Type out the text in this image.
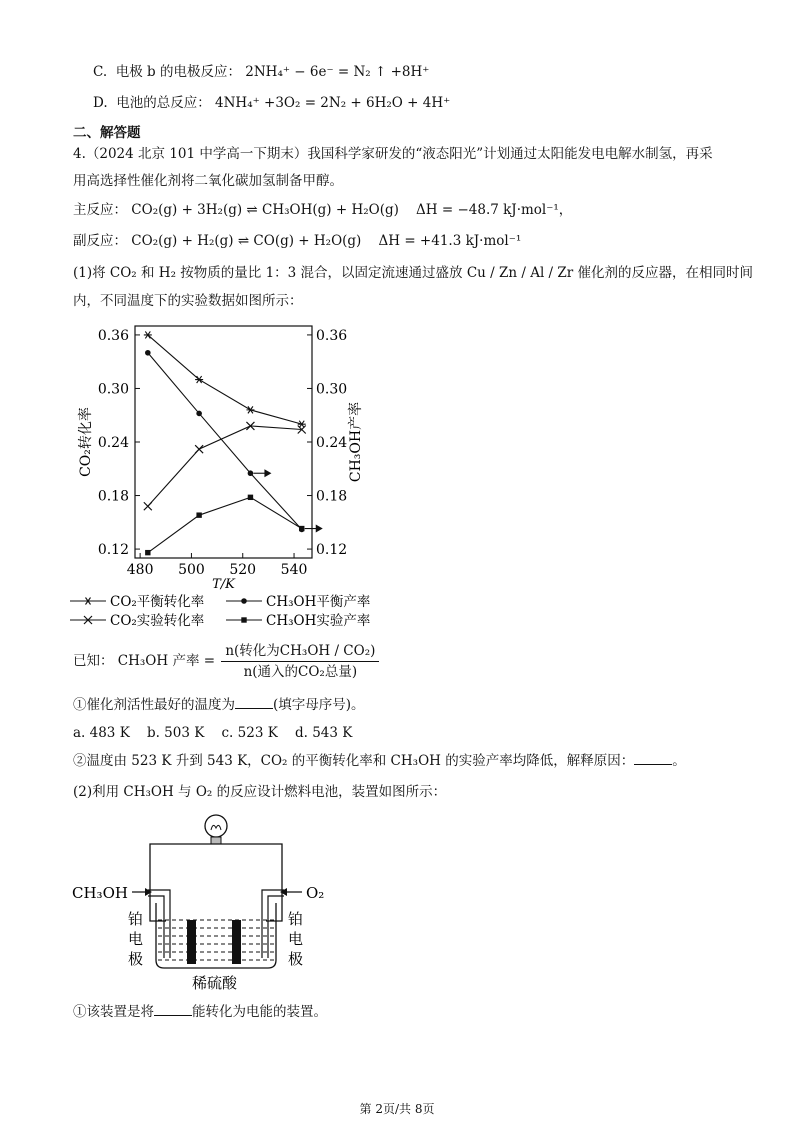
C. 电极 b 的电极反应： 2NH₄⁺ − 6e⁻ = N₂ ↑ +8H⁺
D. 电池的总反应： 4NH₄⁺ +3O₂ = 2N₂ + 6H₂O + 4H⁺
二、解答题
4.（2024 北京 101 中学高一下期末）我国科学家研发的“液态阳光”计划通过太阳能发电电解水制氢，再采
用高选择性催化剂将二氧化碳加氢制备甲醇。
主反应： CO₂(g) + 3H₂(g) ⇌ CH₃OH(g) + H₂O(g) ΔH = −48.7 kJ·mol⁻¹，
副反应： CO₂(g) + H₂(g) ⇌ CO(g) + H₂O(g) ΔH = +41.3 kJ·mol⁻¹
(1)将 CO₂ 和 H₂ 按物质的量比 1：3 混合，以固定流速通过盛放 Cu / Zn / Al / Zr 催化剂的反应器，在相同时间
内，不同温度下的实验数据如图所示：
0.12	0.12
0.18	0.18
0.24	0.24
0.30	0.30
0.36	0.36
480 500 520 540
T/K
CO₂转化率	CH₃OH产率
CO₂平衡转化率	CH₃OH平衡产率
CO₂实验转化率	CH₃OH实验产率
已知： CH₃OH 产率 = $\frac{\text{n(转化为CH₃OH / CO₂)}}{\text{n(通入的CO₂总量)}}$
①催化剂活性最好的温度为	(填字母序号)。
a. 483 K b. 503 K c. 523 K d. 543 K
②温度由 523 K 升到 543 K，CO₂ 的平衡转化率和 CH₃OH 的实验产率均降低，解释原因：	。
(2)利用 CH₃OH 与 O₂ 的反应设计燃料电池，装置如图所示：
CH₃OH	O₂
铂
电
极
铂
电
极
稀硫酸
①该装置是将	能转化为电能的装置。
第 2页/共 8页
